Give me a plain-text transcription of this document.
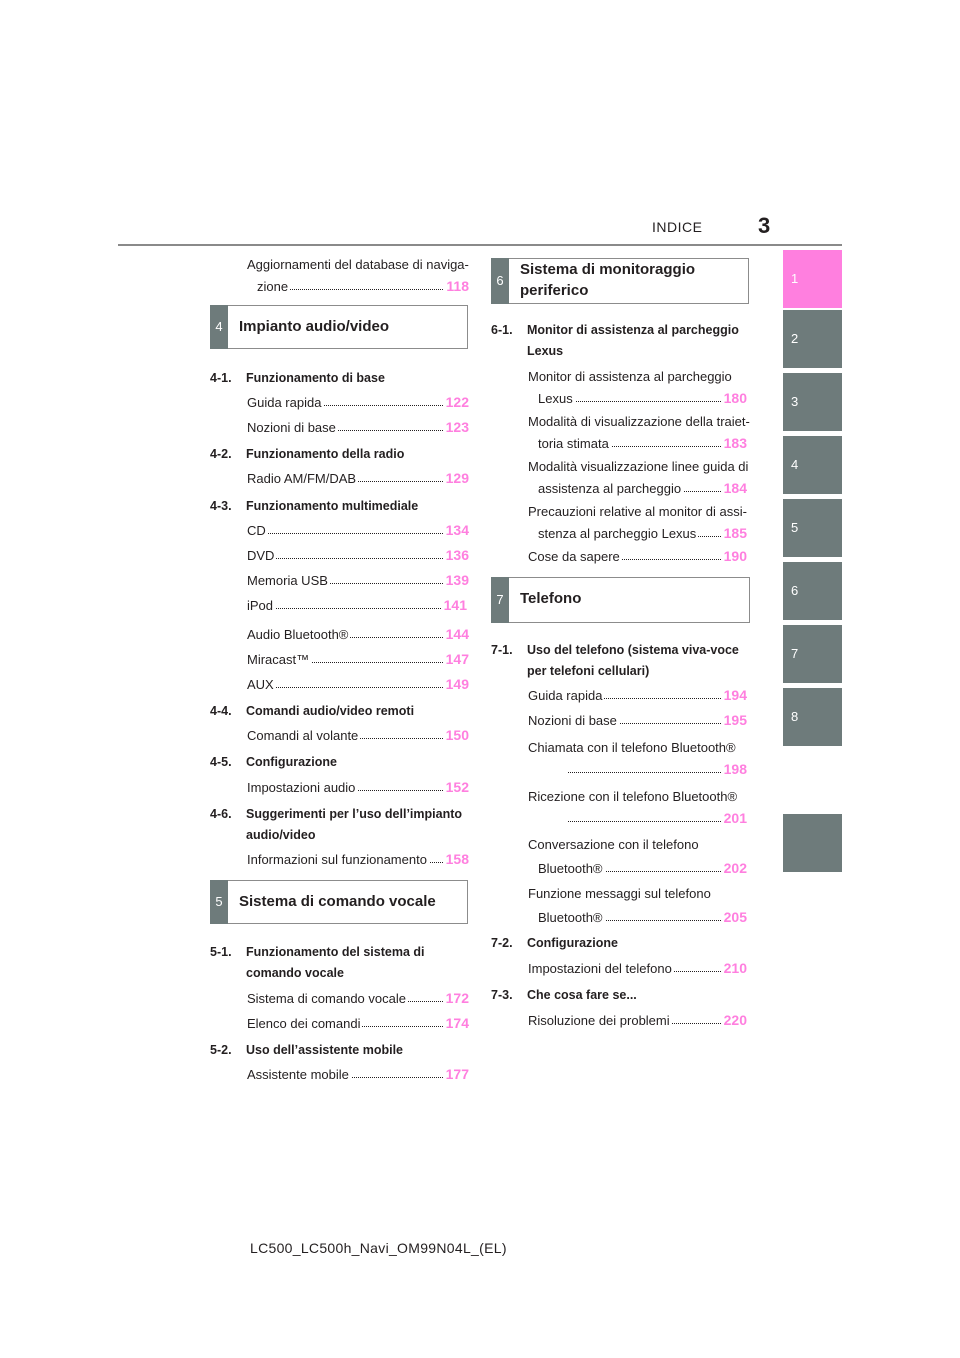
INDICE	3
1
2
3
4
5
6
7
8
Aggiornamenti del database di naviga-
zione	118
4	Impianto audio/video
4-1. Funzionamento di base
Guida rapida	122
Nozioni di base	123
4-2. Funzionamento della radio
Radio AM/FM/DAB	129
4-3. Funzionamento multimediale
CD	134
DVD	136
Memoria USB	139
iPod	141
Audio Bluetooth®	144
Miracast™	147
AUX	149
4-4. Comandi audio/video remoti
Comandi al volante	150
4-5. Configurazione
Impostazioni audio	152
4-6. Suggerimenti per l’uso dell’impianto audio/video
Informazioni sul funzionamento 158
5	Sistema di comando vocale
5-1. Funzionamento del sistema di comando vocale
Sistema di comando vocale	172
Elenco dei comandi	174
5-2. Uso dell’assistente mobile
Assistente mobile	177
6
Sistema di monitoraggio
periferico
6-1. Monitor di assistenza al parcheggio Lexus
Monitor di assistenza al parcheggio
Lexus	180
Modalità di visualizzazione della traiet-
toria stimata	183
Modalità visualizzazione linee guida di
assistenza al parcheggio	184
Precauzioni relative al monitor di assi-
stenza al parcheggio Lexus 185
Cose da sapere	190
7	Telefono
7-1. Uso del telefono (sistema viva-voce per telefoni cellulari)
Guida rapida	194
Nozioni di base	195
Chiamata con il telefono Bluetooth®
198
Ricezione con il telefono Bluetooth®
201
Conversazione con il telefono
Bluetooth®	202
Funzione messaggi sul telefono
Bluetooth®	205
7-2. Configurazione
Impostazioni del telefono	210
7-3. Che cosa fare se...
Risoluzione dei problemi	220
LC500_LC500h_Navi_OM99N04L_(EL)
